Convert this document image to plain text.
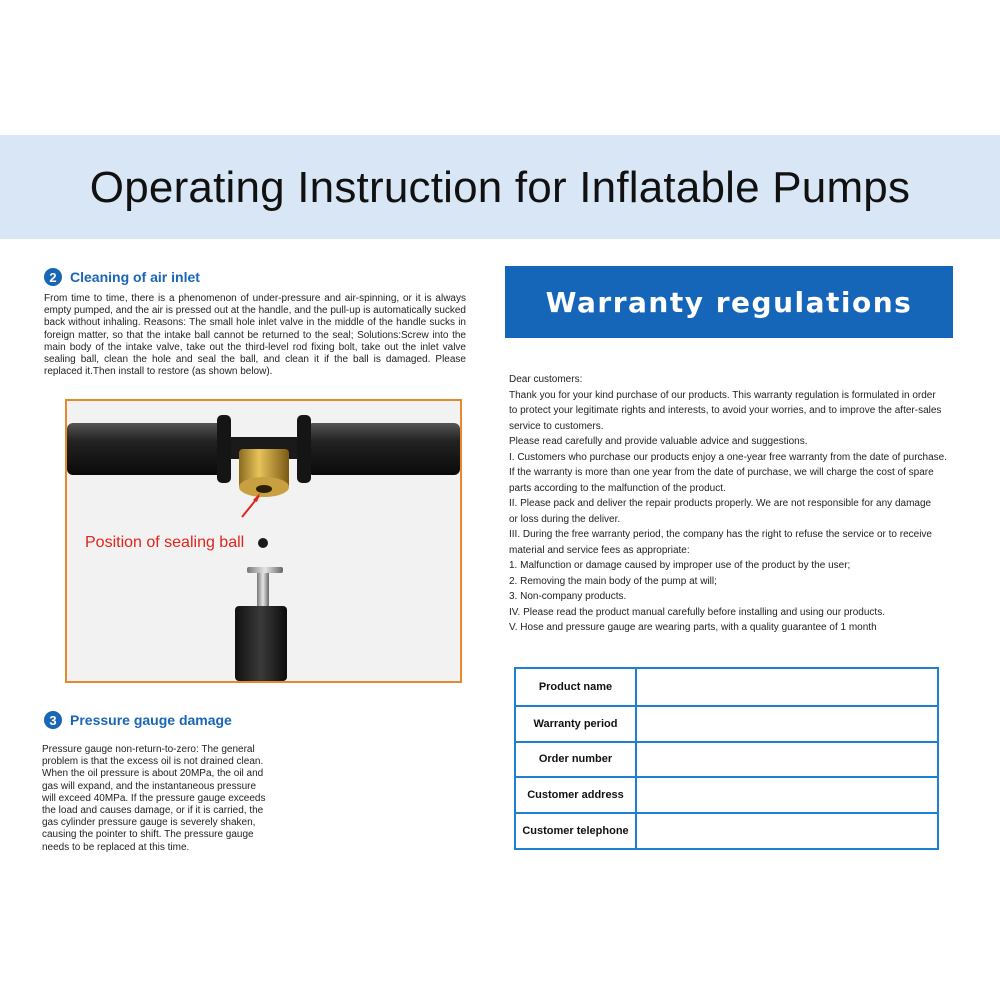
Operating Instruction for Inflatable Pumps
2 Cleaning of air inlet
From time to time, there is a phenomenon of under-pressure and air-spinning, or it is always empty pumped, and the air is pressed out at the handle, and the pull-up is automatically sucked back without inhaling. Reasons: The small hole inlet valve in the middle of the handle sucks in foreign matter, so that the intake ball cannot be returned to the seal; Solutions:Screw into the main body of the intake valve, take out the third-level rod fixing bolt, take out the inlet valve sealing ball, clean the hole and seal the ball, and clean it if the ball is damaged. Please replaced it.Then install to restore (as shown below).
Position of sealing ball
3 Pressure gauge damage
Pressure gauge non-return-to-zero: The general problem is that the excess oil is not drained clean. When the oil pressure is about 20MPa, the oil and gas will expand, and the instantaneous pressure will exceed 40MPa. If the pressure gauge exceeds the load and causes damage, or if it is carried, the gas cylinder pressure gauge is severely shaken, causing the pointer to shift. The pressure gauge needs to be replaced at this time.
Warranty regulations
Dear customers:
Thank you for your kind purchase of our products. This warranty regulation is formulated in order
to protect your legitimate rights and interests, to avoid your worries, and to improve the after-sales
service to customers.
Please read carefully and provide valuable advice and suggestions.
I. Customers who purchase our products enjoy a one-year free warranty from the date of purchase.
If the warranty is more than one year from the date of purchase, we will charge the cost of spare
parts according to the malfunction of the product.
II. Please pack and deliver the repair products properly. We are not responsible for any damage
or loss during the deliver.
III. During the free warranty period, the company has the right to refuse the service or to receive
material and service fees as appropriate:
1. Malfunction or damage caused by improper use of the product by the user;
2. Removing the main body of the pump at will;
3. Non-company products.
IV. Please read the product manual carefully before installing and using our products.
V. Hose and pressure gauge are wearing parts, with a quality guarantee of 1 month
Product name
Warranty period
Order number
Customer address
Customer telephone
